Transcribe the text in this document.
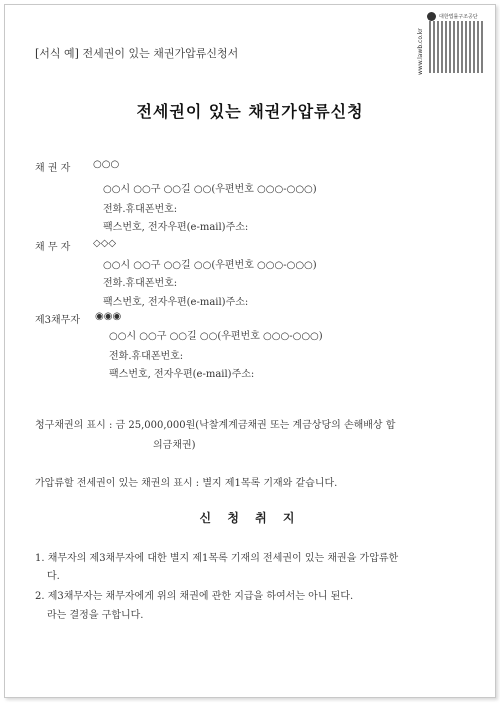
대한법률구조공단
www.lawb.co.kr
[서식 예] 전세권이 있는 채권가압류신청서
전세권이 있는 채권가압류신청
채 권 자 ○○○
○○시 ○○구 ○○길 ○○(우편번호 ○○○-○○○)
전화.휴대폰번호:
팩스번호, 전자우편(e-mail)주소:
채 무 자 ◇◇◇
○○시 ○○구 ○○길 ○○(우편번호 ○○○-○○○)
전화.휴대폰번호:
팩스번호, 전자우편(e-mail)주소:
제3채무자 ◉◉◉
○○시 ○○구 ○○길 ○○(우편번호 ○○○-○○○)
전화.휴대폰번호:
팩스번호, 전자우편(e-mail)주소:
청구채권의 표시 : 금 25,000,000원(낙찰계계금채권 또는 계금상당의 손해배상 합
의금채권)
가압류할 전세권이 있는 채권의 표시 : 별지 제1목록 기재와 같습니다.
신 청 취 지
1. 채무자의 제3채무자에 대한 별지 제1목록 기재의 전세권이 있는 채권을 가압류한
다.
2. 제3채무자는 채무자에게 위의 채권에 관한 지급을 하여서는 아니 된다.
라는 결정을 구합니다.
